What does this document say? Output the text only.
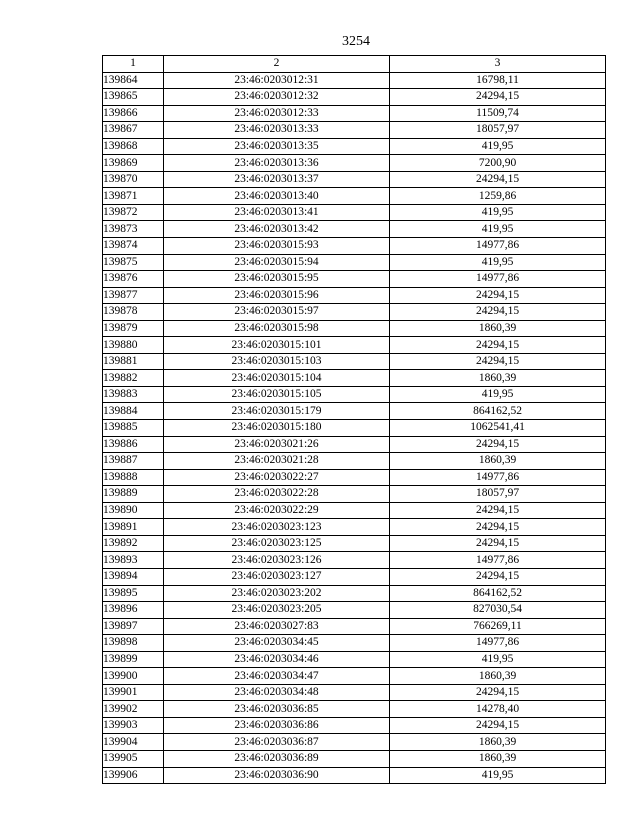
3254
1	2	3
139864	23:46:0203012:31	16798,11
139865	23:46:0203012:32	24294,15
139866	23:46:0203012:33	11509,74
139867	23:46:0203013:33	18057,97
139868	23:46:0203013:35	419,95
139869	23:46:0203013:36	7200,90
139870	23:46:0203013:37	24294,15
139871	23:46:0203013:40	1259,86
139872	23:46:0203013:41	419,95
139873	23:46:0203013:42	419,95
139874	23:46:0203015:93	14977,86
139875	23:46:0203015:94	419,95
139876	23:46:0203015:95	14977,86
139877	23:46:0203015:96	24294,15
139878	23:46:0203015:97	24294,15
139879	23:46:0203015:98	1860,39
139880	23:46:0203015:101	24294,15
139881	23:46:0203015:103	24294,15
139882	23:46:0203015:104	1860,39
139883	23:46:0203015:105	419,95
139884	23:46:0203015:179	864162,52
139885	23:46:0203015:180	1062541,41
139886	23:46:0203021:26	24294,15
139887	23:46:0203021:28	1860,39
139888	23:46:0203022:27	14977,86
139889	23:46:0203022:28	18057,97
139890	23:46:0203022:29	24294,15
139891	23:46:0203023:123	24294,15
139892	23:46:0203023:125	24294,15
139893	23:46:0203023:126	14977,86
139894	23:46:0203023:127	24294,15
139895	23:46:0203023:202	864162,52
139896	23:46:0203023:205	827030,54
139897	23:46:0203027:83	766269,11
139898	23:46:0203034:45	14977,86
139899	23:46:0203034:46	419,95
139900	23:46:0203034:47	1860,39
139901	23:46:0203034:48	24294,15
139902	23:46:0203036:85	14278,40
139903	23:46:0203036:86	24294,15
139904	23:46:0203036:87	1860,39
139905	23:46:0203036:89	1860,39
139906	23:46:0203036:90	419,95
